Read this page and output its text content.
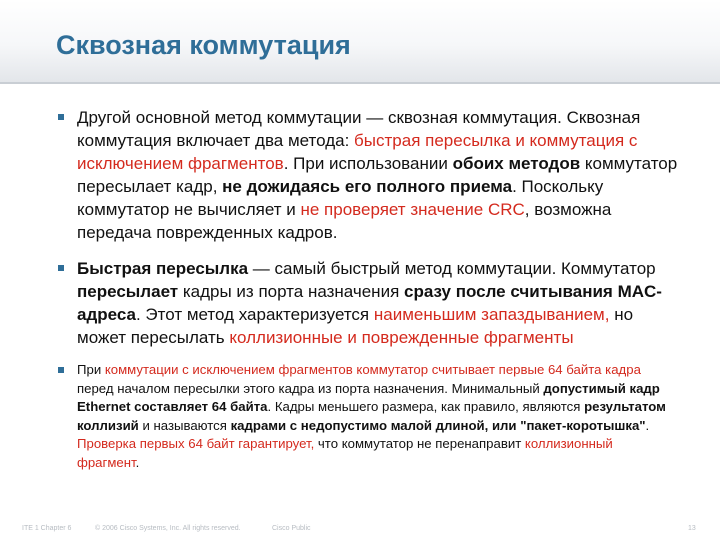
Сквозная коммутация
Другой основной метод коммутации — сквозная коммутация. Сквозная коммутация включает два метода: быстрая пересылка и коммутация с исключением фрагментов. При использовании обоих методов коммутатор пересылает кадр, не дожидаясь его полного приема. Поскольку коммутатор не вычисляет и не проверяет значение CRC, возможна передача поврежденных кадров.
Быстрая пересылка — самый быстрый метод коммутации. Коммутатор пересылает кадры из порта назначения сразу после считывания MAC-адреса. Этот метод характеризуется наименьшим запаздыванием, но может пересылать коллизионные и поврежденные фрагменты
При коммутации с исключением фрагментов коммутатор считывает первые 64 байта кадра перед началом пересылки этого кадра из порта назначения. Минимальный допустимый кадр Ethernet составляет 64 байта. Кадры меньшего размера, как правило, являются результатом коллизий и называются кадрами с недопустимо малой длиной, или "пакет-коротышка". Проверка первых 64 байт гарантирует, что коммутатор не перенаправит коллизионный фрагмент.
ITE 1 Chapter 6	© 2006 Cisco Systems, Inc. All rights reserved.	Cisco Public	13
